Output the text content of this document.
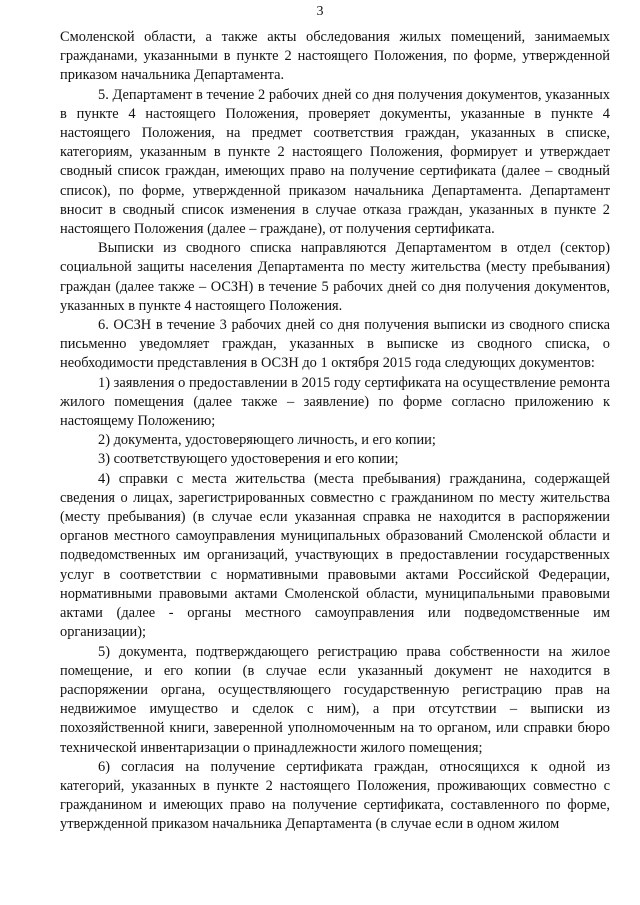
3

Смоленской области, а также акты обследования жилых помещений, занимаемых гражданами, указанными в пункте 2 настоящего Положения, по форме, утвержденной приказом начальника Департамента.

5. Департамент в течение 2 рабочих дней со дня получения документов, указанных в пункте 4 настоящего Положения, проверяет документы, указанные в пункте 4 настоящего Положения, на предмет соответствия граждан, указанных в списке, категориям, указанным в пункте 2 настоящего Положения, формирует и утверждает сводный список граждан, имеющих право на получение сертификата (далее – сводный список), по форме, утвержденной приказом начальника Департамента. Департамент вносит в сводный список изменения в случае отказа граждан, указанных в пункте 2 настоящего Положения (далее – граждане), от получения сертификата.

Выписки из сводного списка направляются Департаментом в отдел (сектор) социальной защиты населения Департамента по месту жительства (месту пребывания) граждан (далее также – ОСЗН) в течение 5 рабочих дней со дня получения документов, указанных в пункте 4 настоящего Положения.

6. ОСЗН в течение 3 рабочих дней со дня получения выписки из сводного списка письменно уведомляет граждан, указанных в выписке из сводного списка, о необходимости представления в ОСЗН до 1 октября 2015 года следующих документов:

1) заявления о предоставлении в 2015 году сертификата на осуществление ремонта жилого помещения (далее также – заявление) по форме согласно приложению к настоящему Положению;

2) документа, удостоверяющего личность, и его копии;

3) соответствующего удостоверения и его копии;

4) справки с места жительства (места пребывания) гражданина, содержащей сведения о лицах, зарегистрированных совместно с гражданином по месту жительства (месту пребывания) (в случае если указанная справка не находится в распоряжении органов местного самоуправления муниципальных образований Смоленской области и подведомственных им организаций, участвующих в предоставлении государственных услуг в соответствии с нормативными правовыми актами Российской Федерации, нормативными правовыми актами Смоленской области, муниципальными правовыми актами (далее - органы местного самоуправления или подведомственные им организации);

5) документа, подтверждающего регистрацию права собственности на жилое помещение, и его копии (в случае если указанный документ не находится в распоряжении органа, осуществляющего государственную регистрацию прав на недвижимое имущество и сделок с ним), а при отсутствии – выписки из похозяйственной книги, заверенной уполномоченным на то органом, или справки бюро технической инвентаризации о принадлежности жилого помещения;

6) согласия на получение сертификата граждан, относящихся к одной из категорий, указанных в пункте 2 настоящего Положения, проживающих совместно с гражданином и имеющих право на получение сертификата, составленного по форме, утвержденной приказом начальника Департамента (в случае если в одном жилом
